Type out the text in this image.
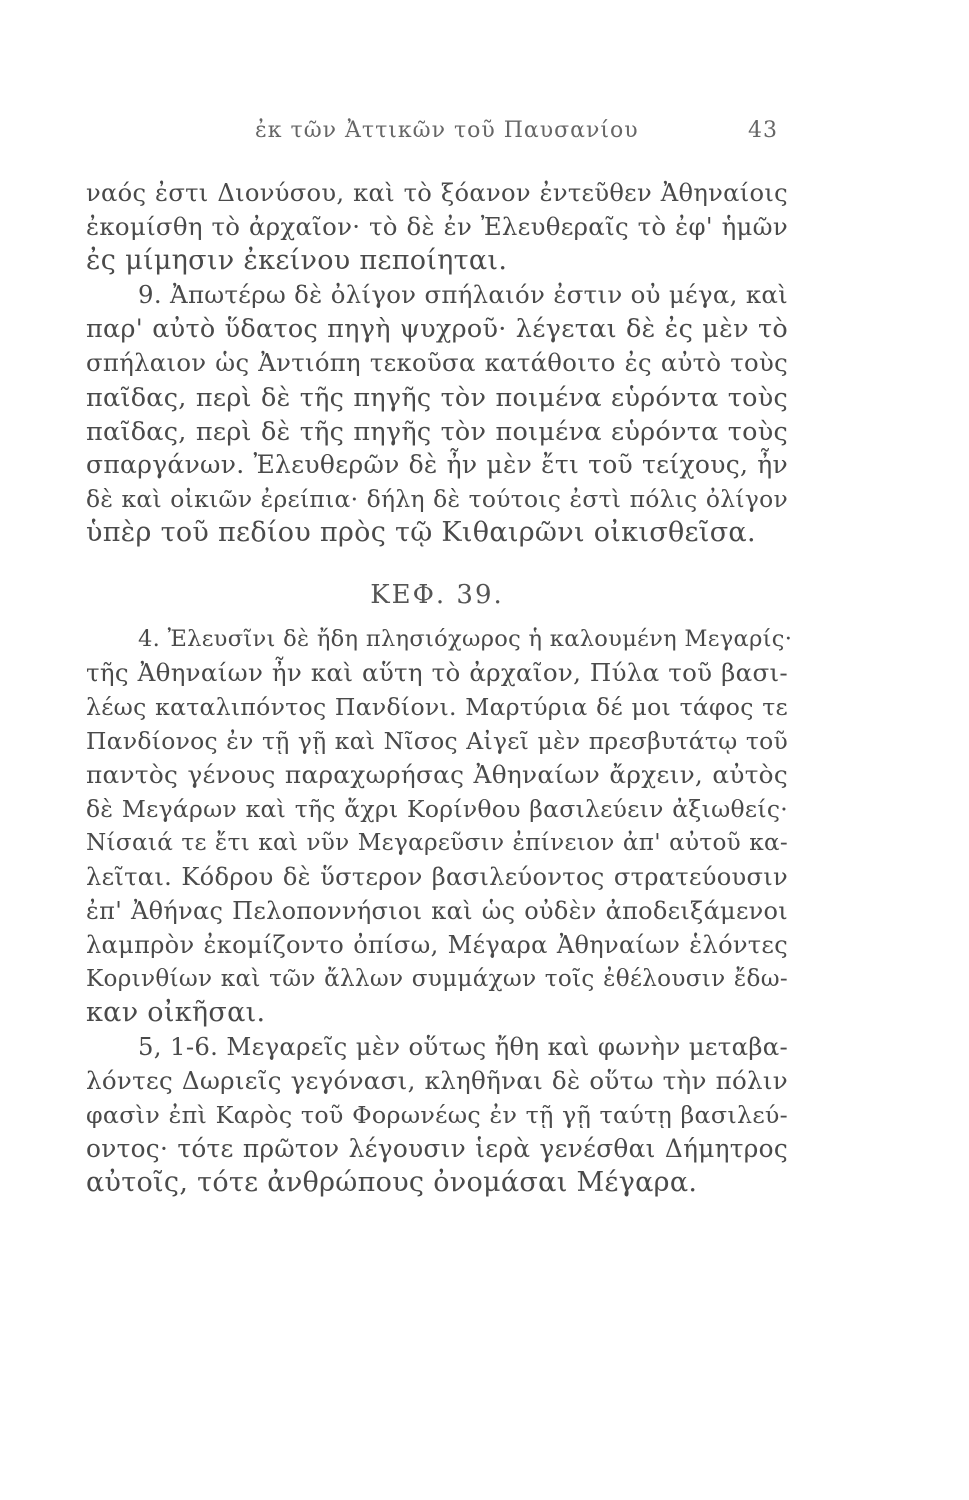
ἐκ τῶν Ἀττικῶν τοῦ Παυσανίου	43
ναός ἐστι Διονύσου, καὶ τὸ ξόανον ἐντεῦθεν Ἀθηναίοις
ἐκομίσθη τὸ ἀρχαῖον· τὸ δὲ ἐν Ἐλευθεραῖς τὸ ἐφ' ἡμῶν
ἐς μίμησιν ἐκείνου πεποίηται.
9. Ἀπωτέρω δὲ ὀλίγον σπήλαιόν ἐστιν οὐ μέγα, καὶ
παρ' αὐτὸ ὕδατος πηγὴ ψυχροῦ· λέγεται δὲ ἐς μὲν τὸ
σπήλαιον ὡς Ἀντιόπη τεκοῦσα κατάθοιτο ἐς αὐτὸ τοὺς
παῖδας, περὶ δὲ τῆς πηγῆς τὸν ποιμένα εὑρόντα τοὺς
παῖδας, περὶ δὲ τῆς πηγῆς τὸν ποιμένα εὑρόντα τοὺς
σπαργάνων. Ἐλευθερῶν δὲ ἦν μὲν ἔτι τοῦ τείχους, ἦν
δὲ καὶ οἰκιῶν ἐρείπια· δήλη δὲ τούτοις ἐστὶ πόλις ὀλίγον
ὑπὲρ τοῦ πεδίου πρὸς τῷ Κιθαιρῶνι οἰκισθεῖσα.
ΚΕΦ. 39.
4. Ἐλευσῖνι δὲ ἤδη πλησιόχωρος ἡ καλουμένη Μεγαρίς·
τῆς Ἀθηναίων ἦν καὶ αὕτη τὸ ἀρχαῖον, Πύλα τοῦ βασι-
λέως καταλιπόντος Πανδίονι. Μαρτύρια δέ μοι τάφος τε
Πανδίονος ἐν τῇ γῇ καὶ Νῖσος Αἰγεῖ μὲν πρεσβυτάτῳ τοῦ
παντὸς γένους παραχωρήσας Ἀθηναίων ἄρχειν, αὐτὸς
δὲ Μεγάρων καὶ τῆς ἄχρι Κορίνθου βασιλεύειν ἀξιωθείς·
Νίσαιά τε ἔτι καὶ νῦν Μεγαρεῦσιν ἐπίνειον ἀπ' αὐτοῦ κα-
λεῖται. Κόδρου δὲ ὕστερον βασιλεύοντος στρατεύουσιν
ἐπ' Ἀθήνας Πελοποννήσιοι καὶ ὡς οὐδὲν ἀποδειξάμενοι
λαμπρὸν ἐκομίζοντο ὀπίσω, Μέγαρα Ἀθηναίων ἑλόντες
Κορινθίων καὶ τῶν ἄλλων συμμάχων τοῖς ἐθέλουσιν ἔδω-
καν οἰκῆσαι.
5, 1-6. Μεγαρεῖς μὲν οὕτως ἤθη καὶ φωνὴν μεταβα-
λόντες Δωριεῖς γεγόνασι, κληθῆναι δὲ οὕτω τὴν πόλιν
φασὶν ἐπὶ Καρὸς τοῦ Φορωνέως ἐν τῇ γῇ ταύτῃ βασιλεύ-
οντος· τότε πρῶτον λέγουσιν ἱερὰ γενέσθαι Δήμητρος
αὐτοῖς, τότε ἀνθρώπους ὀνομάσαι Μέγαρα.
